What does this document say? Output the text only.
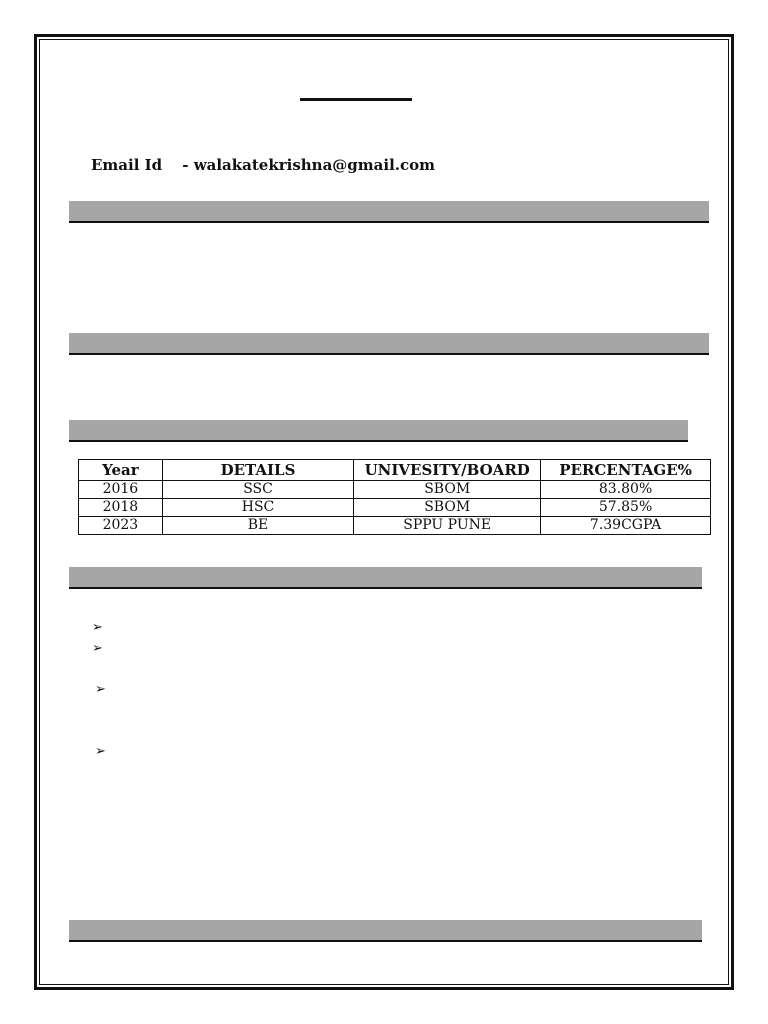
Email Id - walakatekrishna@gmail.com
Year	DETAILS	UNIVESITY/BOARD	PERCENTAGE%
2016	SSC	SBOM	83.80%
2018	HSC	SBOM	57.85%
2023	BE	SPPU PUNE	7.39CGPA
➢
➢
➢
➢
